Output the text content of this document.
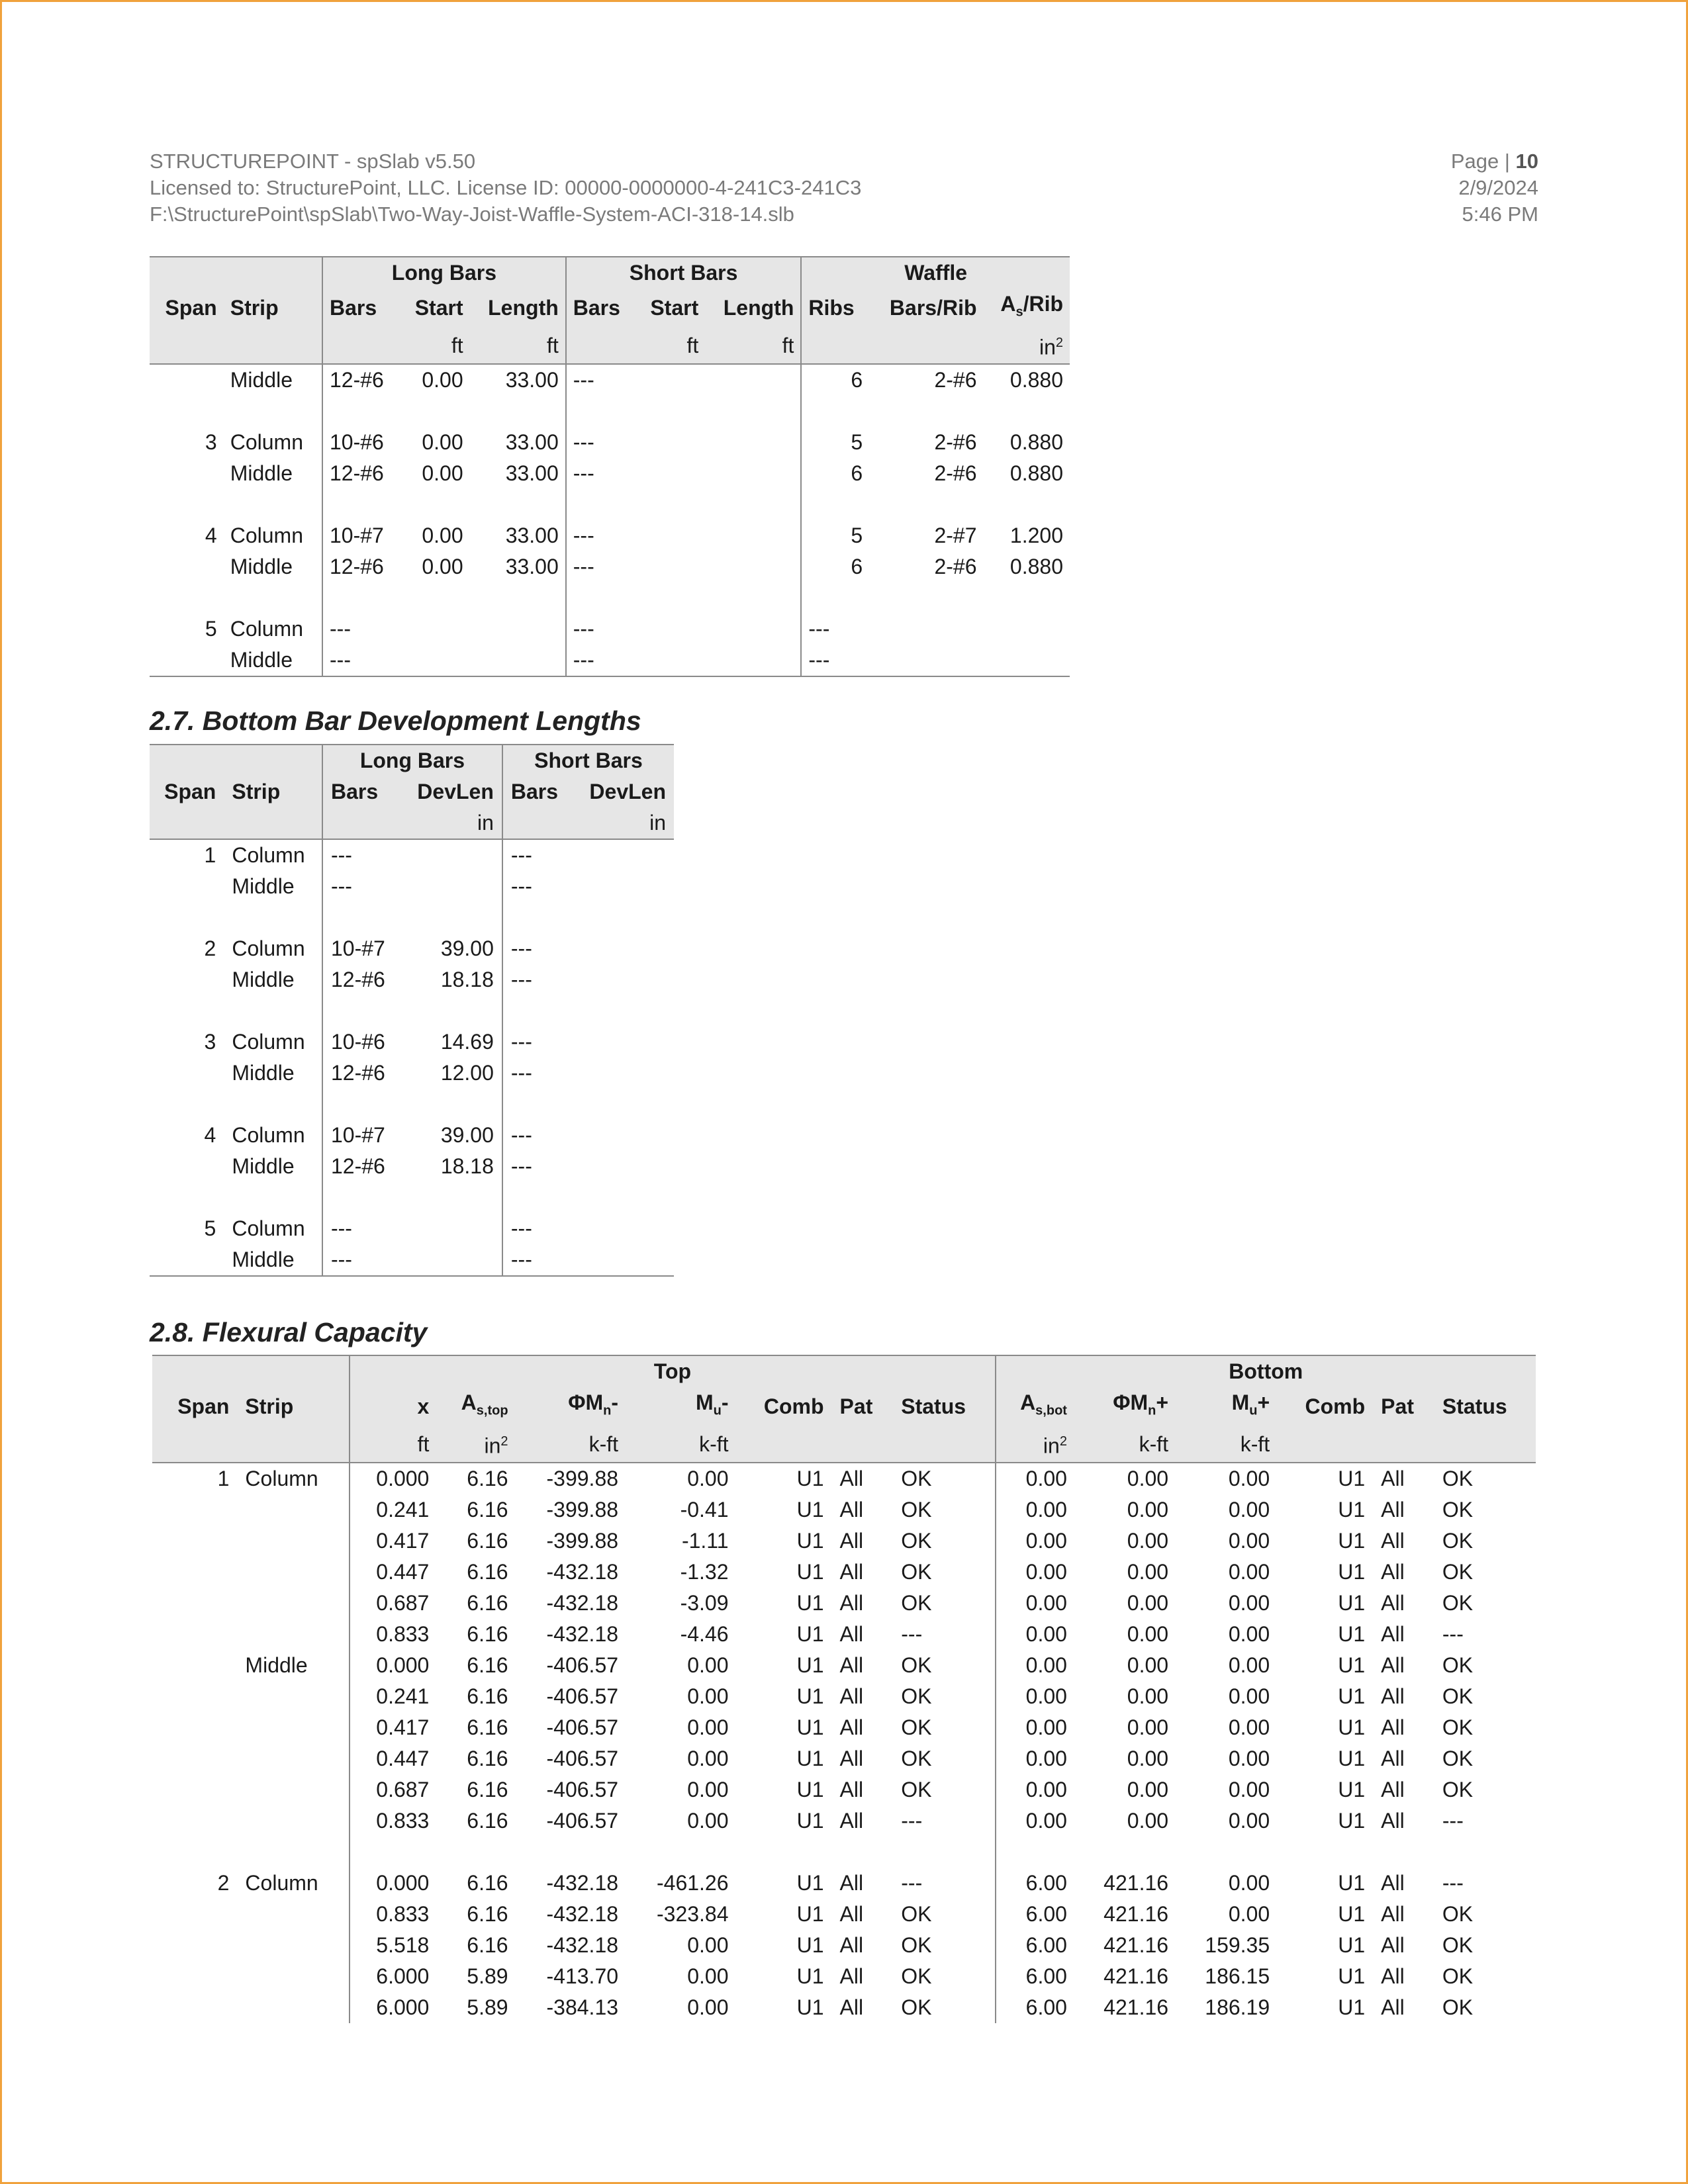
STRUCTUREPOINT - spSlab v5.50
Licensed to: StructurePoint, LLC. License ID: 00000-0000000-4-241C3-241C3
F:\StructurePoint\spSlab\Two-Way-Joist-Waffle-System-ACI-318-14.slb
Page | 10
2/9/2024
5:46 PM
		Long Bars			Short Bars			Waffle		
Span	Strip	Bars	Start	Length	Bars	Start	Length	Ribs	Bars/Rib	$A_s$/Rib
			ft	ft		ft	ft			$in^2$
	Middle	12-#6	0.00	33.00	---			6	2-#6	0.880

3	Column	10-#6	0.00	33.00	---			5	2-#6	0.880
	Middle	12-#6	0.00	33.00	---			6	2-#6	0.880

4	Column	10-#7	0.00	33.00	---			5	2-#7	1.200
	Middle	12-#6	0.00	33.00	---			6	2-#6	0.880

5	Column	---			---			---		
	Middle	---			---			---		
2.7. Bottom Bar Development Lengths
		Long Bars		Short Bars	
Span	Strip	Bars	DevLen	Bars	DevLen
			in		in
1	Column	---		---	
	Middle	---		---	

2	Column	10-#7	39.00	---	
	Middle	12-#6	18.18	---	

3	Column	10-#6	14.69	---	
	Middle	12-#6	12.00	---	

4	Column	10-#7	39.00	---	
	Middle	12-#6	18.18	---	

5	Column	---		---	
	Middle	---		---	
2.8. Flexural Capacity
		Top							Bottom					
Span	Strip	x	$A_{s,top}$	$\Phi M_n-$	$M_u-$	Comb	Pat	Status	$A_{s,bot}$	$\Phi M_n+$	$M_u+$	Comb	Pat	Status
		ft	$in^2$	k-ft	k-ft				$in^2$	k-ft	k-ft			
1	Column	0.000	6.16	-399.88	0.00	U1	All	OK	0.00	0.00	0.00	U1	All	OK
		0.241	6.16	-399.88	-0.41	U1	All	OK	0.00	0.00	0.00	U1	All	OK
		0.417	6.16	-399.88	-1.11	U1	All	OK	0.00	0.00	0.00	U1	All	OK
		0.447	6.16	-432.18	-1.32	U1	All	OK	0.00	0.00	0.00	U1	All	OK
		0.687	6.16	-432.18	-3.09	U1	All	OK	0.00	0.00	0.00	U1	All	OK
		0.833	6.16	-432.18	-4.46	U1	All	---	0.00	0.00	0.00	U1	All	---
	Middle	0.000	6.16	-406.57	0.00	U1	All	OK	0.00	0.00	0.00	U1	All	OK
		0.241	6.16	-406.57	0.00	U1	All	OK	0.00	0.00	0.00	U1	All	OK
		0.417	6.16	-406.57	0.00	U1	All	OK	0.00	0.00	0.00	U1	All	OK
		0.447	6.16	-406.57	0.00	U1	All	OK	0.00	0.00	0.00	U1	All	OK
		0.687	6.16	-406.57	0.00	U1	All	OK	0.00	0.00	0.00	U1	All	OK
		0.833	6.16	-406.57	0.00	U1	All	---	0.00	0.00	0.00	U1	All	---

2	Column	0.000	6.16	-432.18	-461.26	U1	All	---	6.00	421.16	0.00	U1	All	---
		0.833	6.16	-432.18	-323.84	U1	All	OK	6.00	421.16	0.00	U1	All	OK
		5.518	6.16	-432.18	0.00	U1	All	OK	6.00	421.16	159.35	U1	All	OK
		6.000	5.89	-413.70	0.00	U1	All	OK	6.00	421.16	186.15	U1	All	OK
		6.000	5.89	-384.13	0.00	U1	All	OK	6.00	421.16	186.19	U1	All	OK
